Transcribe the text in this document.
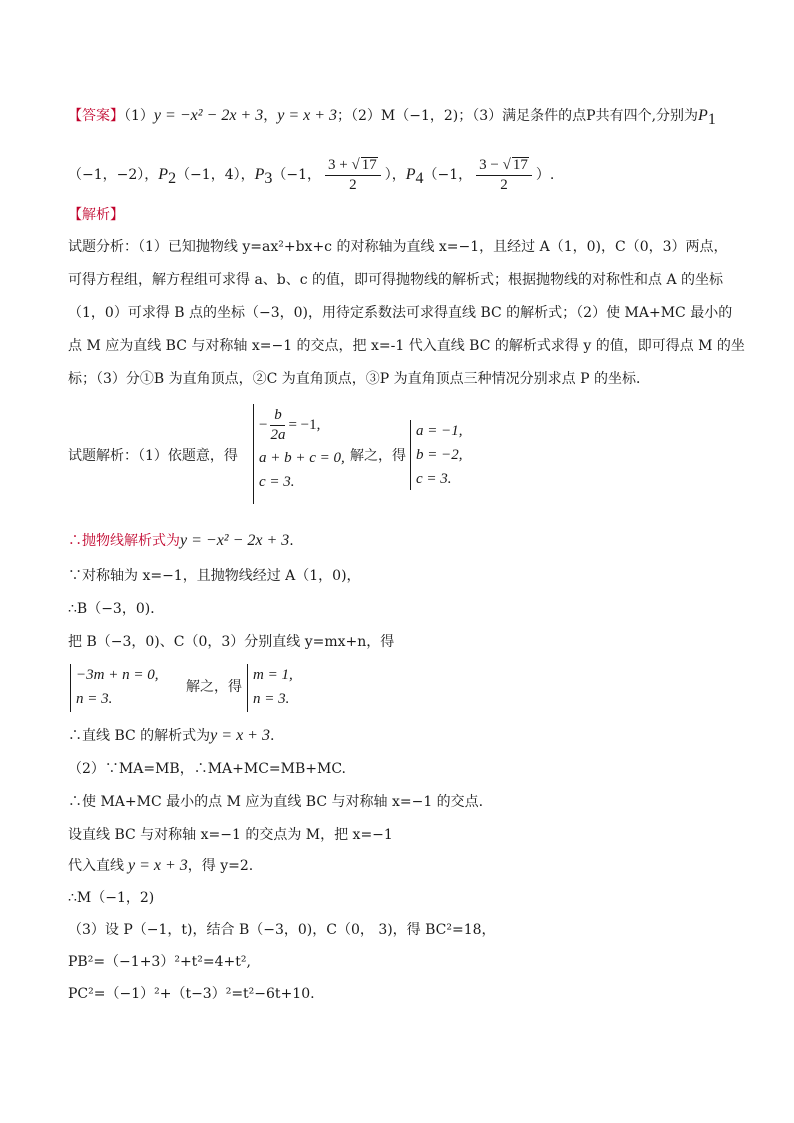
【答案】（1）y = −x² − 2x + 3，y = x + 3；（2）M（−1，2)；（3）满足条件的点P共有四个,分别为$P_1$
（−1，−2），$P_2(-1$，4），$P_3(-1$， $\frac{3 + √ 17}{2}$ ），$P_4(-1$， $\frac{3 - √ 17}{2}$ ）.
【解析】
试题分析：（1）已知抛物线 y=ax²+bx+c 的对称轴为直线 x=−1，且经过 A（1，0)，C（0，3）两点，
可得方程组，解方程组可求得 a、b、c 的值，即可得抛物线的解析式；根据抛物线的对称性和点 A 的坐标
（1，0）可求得 B 点的坐标（−3，0)，用待定系数法可求得直线 BC 的解析式；（2）使 MA+MC 最小的
点 M 应为直线 BC 与对称轴 x=−1 的交点，把 x=-1 代入直线 BC 的解析式求得 y 的值，即可得点 M 的坐
标；（3）分①B 为直角顶点，②C 为直角顶点，③P 为直角顶点三种情况分别求点 P 的坐标．
试题解析：（1）依题意，得
− $\frac{b}{2a} = -1$,
a + b + c = 0,
c = 3.
解之，得
a = −1,
b = −2,
c = 3.
∴抛物线解析式为y = −x² − 2x + 3.
∵对称轴为 x=−1，且抛物线经过 A（1，0)，
∴B（−3，0)．
把 B（−3，0)、C（0，3）分别直线 y=mx+n，得
−3m + n = 0,
n = 3.
解之，得
m = 1,
n = 3.
∴直线 BC 的解析式为y = x + 3.
（2）∵MA=MB，∴MA+MC=MB+MC.
∴使 MA+MC 最小的点 M 应为直线 BC 与对称轴 x=−1 的交点.
设直线 BC 与对称轴 x=−1 的交点为 M，把 x=−1
代入直线 y = x + 3，得 y=2.
∴M（−1，2)
（3）设 P（−1，t)，结合 B（−3，0)，C（0， 3)，得 BC²=18，
PB²=（−1+3）²+t²=4+t²,
PC²=（−1）²+（t−3）²=t²−6t+10.
